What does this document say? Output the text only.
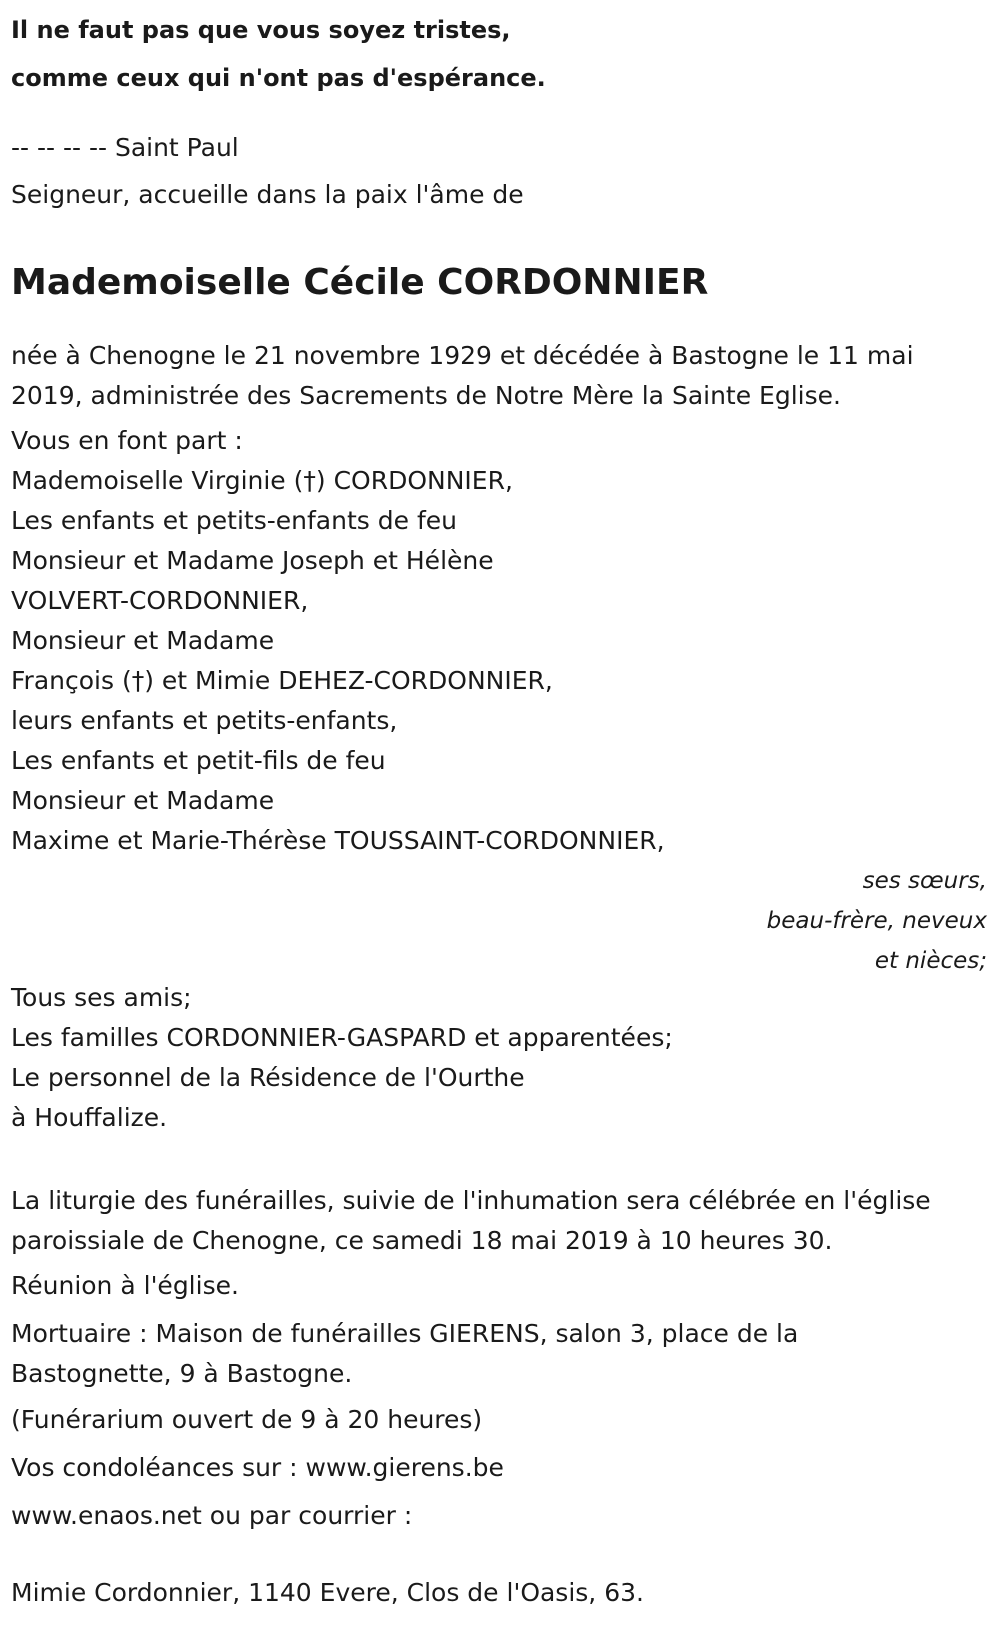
Il ne faut pas que vous soyez tristes,
comme ceux qui n'ont pas d'espérance.

-- -- -- -- Saint Paul

Seigneur, accueille dans la paix l'âme de

Mademoiselle Cécile CORDONNIER
née à Chenogne le 21 novembre 1929 et décédée à Bastogne le 11 mai
2019, administrée des Sacrements de Notre Mère la Sainte Eglise.
Vous en font part :
Mademoiselle Virginie (†) CORDONNIER,
Les enfants et petits-enfants de feu
Monsieur et Madame Joseph et Hélène
VOLVERT-CORDONNIER,
Monsieur et Madame
François (†) et Mimie DEHEZ-CORDONNIER,
leurs enfants et petits-enfants,
Les enfants et petit-fils de feu
Monsieur et Madame
Maxime et Marie-Thérèse TOUSSAINT-CORDONNIER,
ses sœurs,
beau-frère, neveux
et nièces;
Tous ses amis;
Les familles CORDONNIER-GASPARD et apparentées;
Le personnel de la Résidence de l'Ourthe
à Houffalize.
La liturgie des funérailles, suivie de l'inhumation sera célébrée en l'église
paroissiale de Chenogne, ce samedi 18 mai 2019 à 10 heures 30.

Réunion à l'église.

Mortuaire : Maison de funérailles GIERENS, salon 3, place de la
Bastognette, 9 à Bastogne.

(Funérarium ouvert de 9 à 20 heures)

Vos condoléances sur : www.gierens.be

www.enaos.net ou par courrier :

Mimie Cordonnier, 1140 Evere, Clos de l'Oasis, 63.
